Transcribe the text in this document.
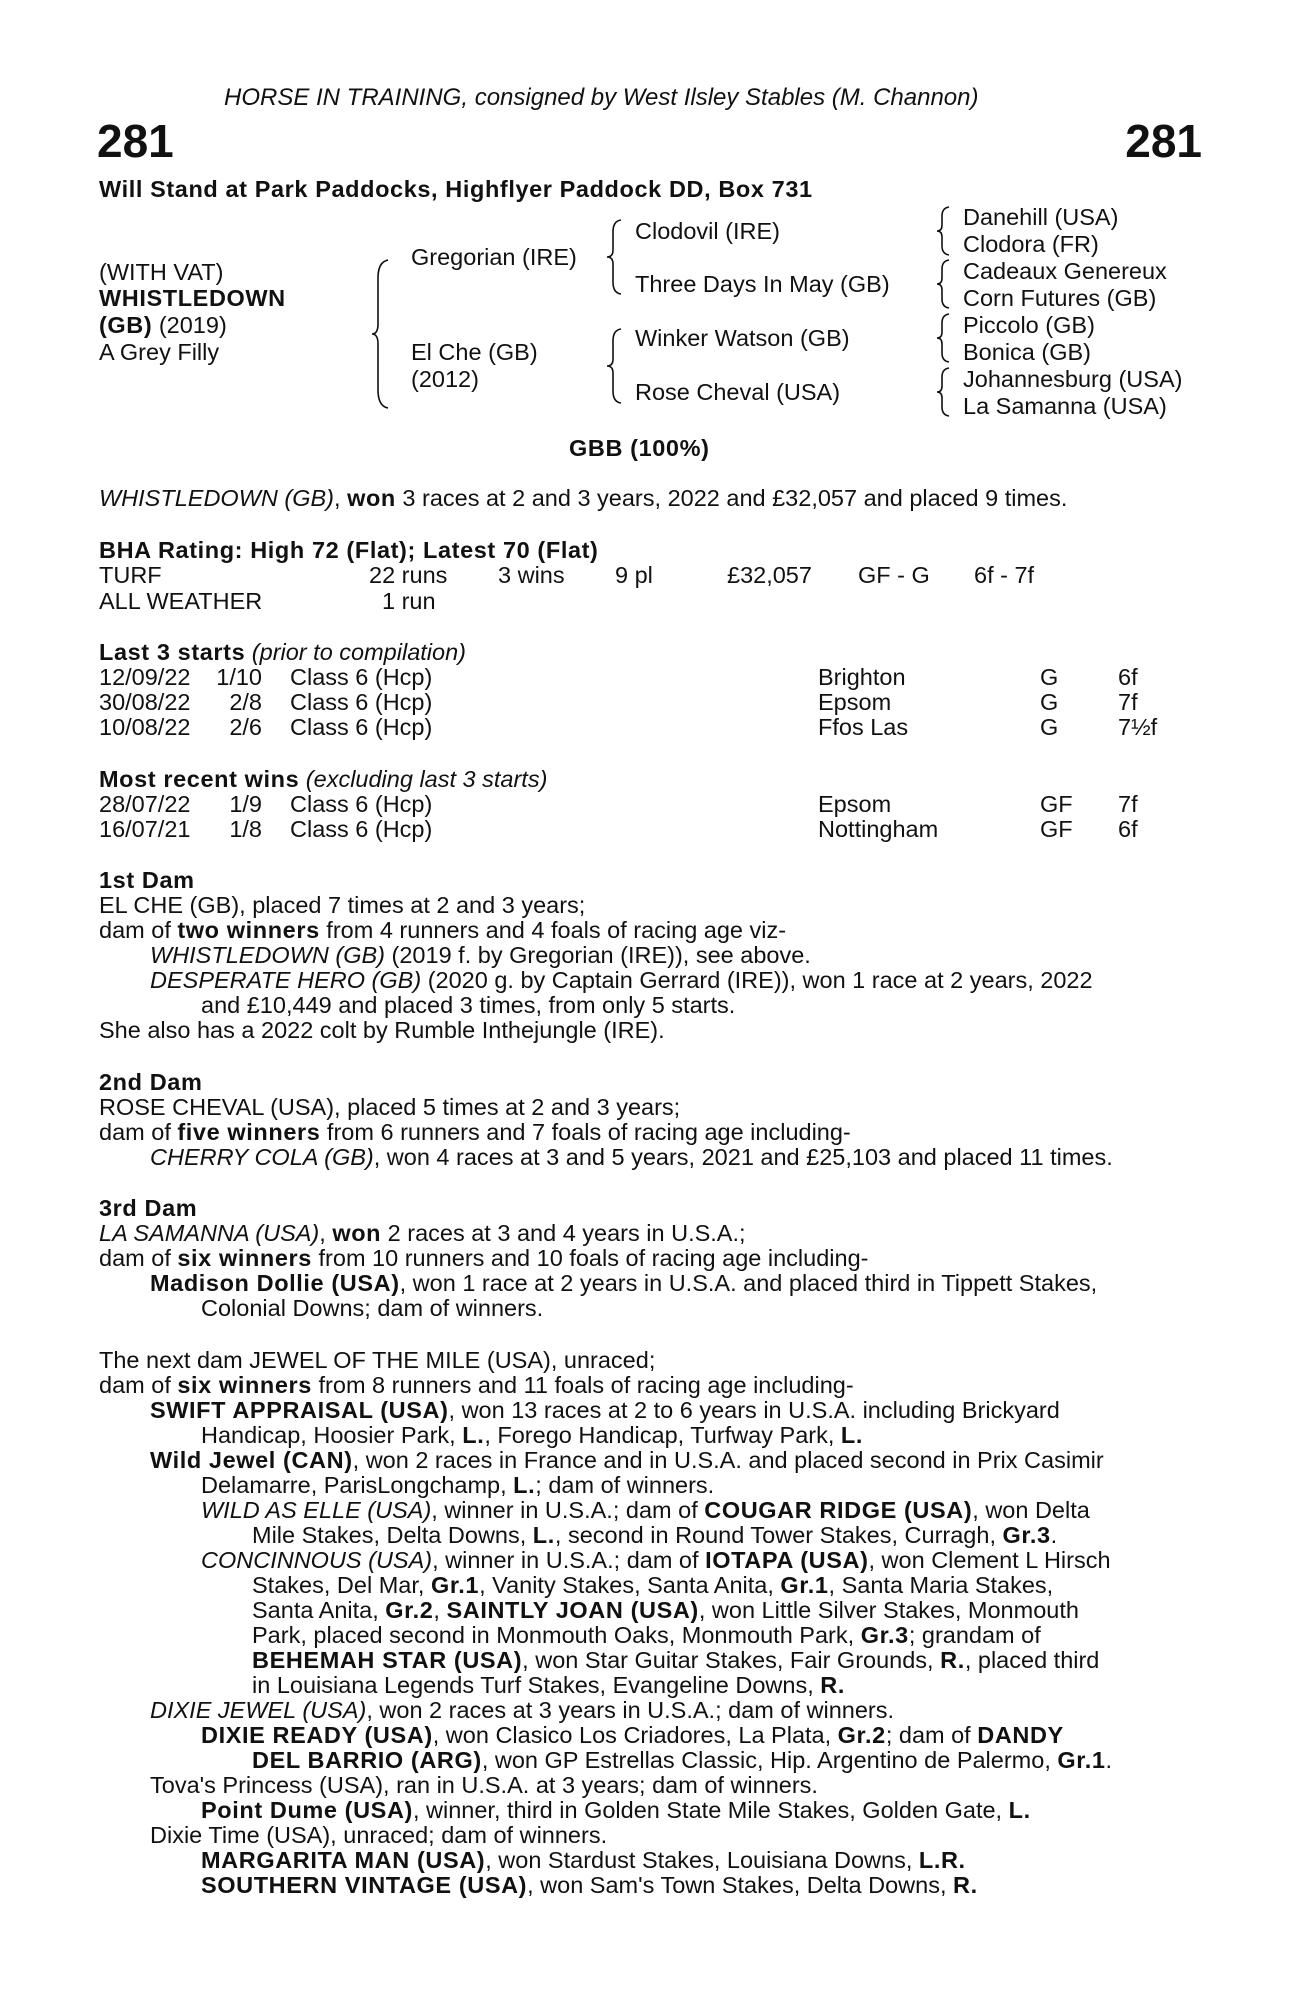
HORSE IN TRAINING, consigned by West Ilsley Stables (M. Channon)
281	281
Will Stand at Park Paddocks, Highflyer Paddock DD, Box 731
(WITH VAT)
WHISTLEDOWN
(GB) (2019)
A Grey Filly
Gregorian (IRE)
El Che (GB)
(2012)
Clodovil (IRE)
Three Days In May (GB)
Winker Watson (GB)
Rose Cheval (USA)
Danehill (USA)
Clodora (FR)
Cadeaux Genereux
Corn Futures (GB)
Piccolo (GB)
Bonica (GB)
Johannesburg (USA)
La Samanna (USA)
GBB (100%)
WHISTLEDOWN (GB), won 3 races at 2 and 3 years, 2022 and £32,057 and placed 9 times.
BHA Rating: High 72 (Flat); Latest 70 (Flat)
TURF	22 runs 3 wins 9 pl	£32,057 GF - G 6f - 7f
ALL WEATHER	1 run
Last 3 starts (prior to compilation)
12/09/22 1/10 Class 6 (Hcp)	Brighton	G	6f
30/08/22 2/8 Class 6 (Hcp)	Epsom	G	7f
10/08/22 2/6 Class 6 (Hcp)	Ffos Las	G	7½f
Most recent wins (excluding last 3 starts)
28/07/22 1/9 Class 6 (Hcp)	Epsom	GF 7f
16/07/21 1/8 Class 6 (Hcp)	Nottingham	GF 6f
1st Dam
EL CHE (GB), placed 7 times at 2 and 3 years;
dam of two winners from 4 runners and 4 foals of racing age viz-
WHISTLEDOWN (GB) (2019 f. by Gregorian (IRE)), see above.
DESPERATE HERO (GB) (2020 g. by Captain Gerrard (IRE)), won 1 race at 2 years, 2022
and £10,449 and placed 3 times, from only 5 starts.
She also has a 2022 colt by Rumble Inthejungle (IRE).
2nd Dam
ROSE CHEVAL (USA), placed 5 times at 2 and 3 years;
dam of five winners from 6 runners and 7 foals of racing age including-
CHERRY COLA (GB), won 4 races at 3 and 5 years, 2021 and £25,103 and placed 11 times.
3rd Dam
LA SAMANNA (USA), won 2 races at 3 and 4 years in U.S.A.;
dam of six winners from 10 runners and 10 foals of racing age including-
Madison Dollie (USA), won 1 race at 2 years in U.S.A. and placed third in Tippett Stakes,
Colonial Downs; dam of winners.
The next dam JEWEL OF THE MILE (USA), unraced;
dam of six winners from 8 runners and 11 foals of racing age including-
SWIFT APPRAISAL (USA), won 13 races at 2 to 6 years in U.S.A. including Brickyard
Handicap, Hoosier Park, L., Forego Handicap, Turfway Park, L.
Wild Jewel (CAN), won 2 races in France and in U.S.A. and placed second in Prix Casimir
Delamarre, ParisLongchamp, L.; dam of winners.
WILD AS ELLE (USA), winner in U.S.A.; dam of COUGAR RIDGE (USA), won Delta
Mile Stakes, Delta Downs, L., second in Round Tower Stakes, Curragh, Gr.3.
CONCINNOUS (USA), winner in U.S.A.; dam of IOTAPA (USA), won Clement L Hirsch
Stakes, Del Mar, Gr.1, Vanity Stakes, Santa Anita, Gr.1, Santa Maria Stakes,
Santa Anita, Gr.2, SAINTLY JOAN (USA), won Little Silver Stakes, Monmouth
Park, placed second in Monmouth Oaks, Monmouth Park, Gr.3; grandam of
BEHEMAH STAR (USA), won Star Guitar Stakes, Fair Grounds, R., placed third
in Louisiana Legends Turf Stakes, Evangeline Downs, R.
DIXIE JEWEL (USA), won 2 races at 3 years in U.S.A.; dam of winners.
DIXIE READY (USA), won Clasico Los Criadores, La Plata, Gr.2; dam of DANDY
DEL BARRIO (ARG), won GP Estrellas Classic, Hip. Argentino de Palermo, Gr.1.
Tova's Princess (USA), ran in U.S.A. at 3 years; dam of winners.
Point Dume (USA), winner, third in Golden State Mile Stakes, Golden Gate, L.
Dixie Time (USA), unraced; dam of winners.
MARGARITA MAN (USA), won Stardust Stakes, Louisiana Downs, L.R.
SOUTHERN VINTAGE (USA), won Sam's Town Stakes, Delta Downs, R.
